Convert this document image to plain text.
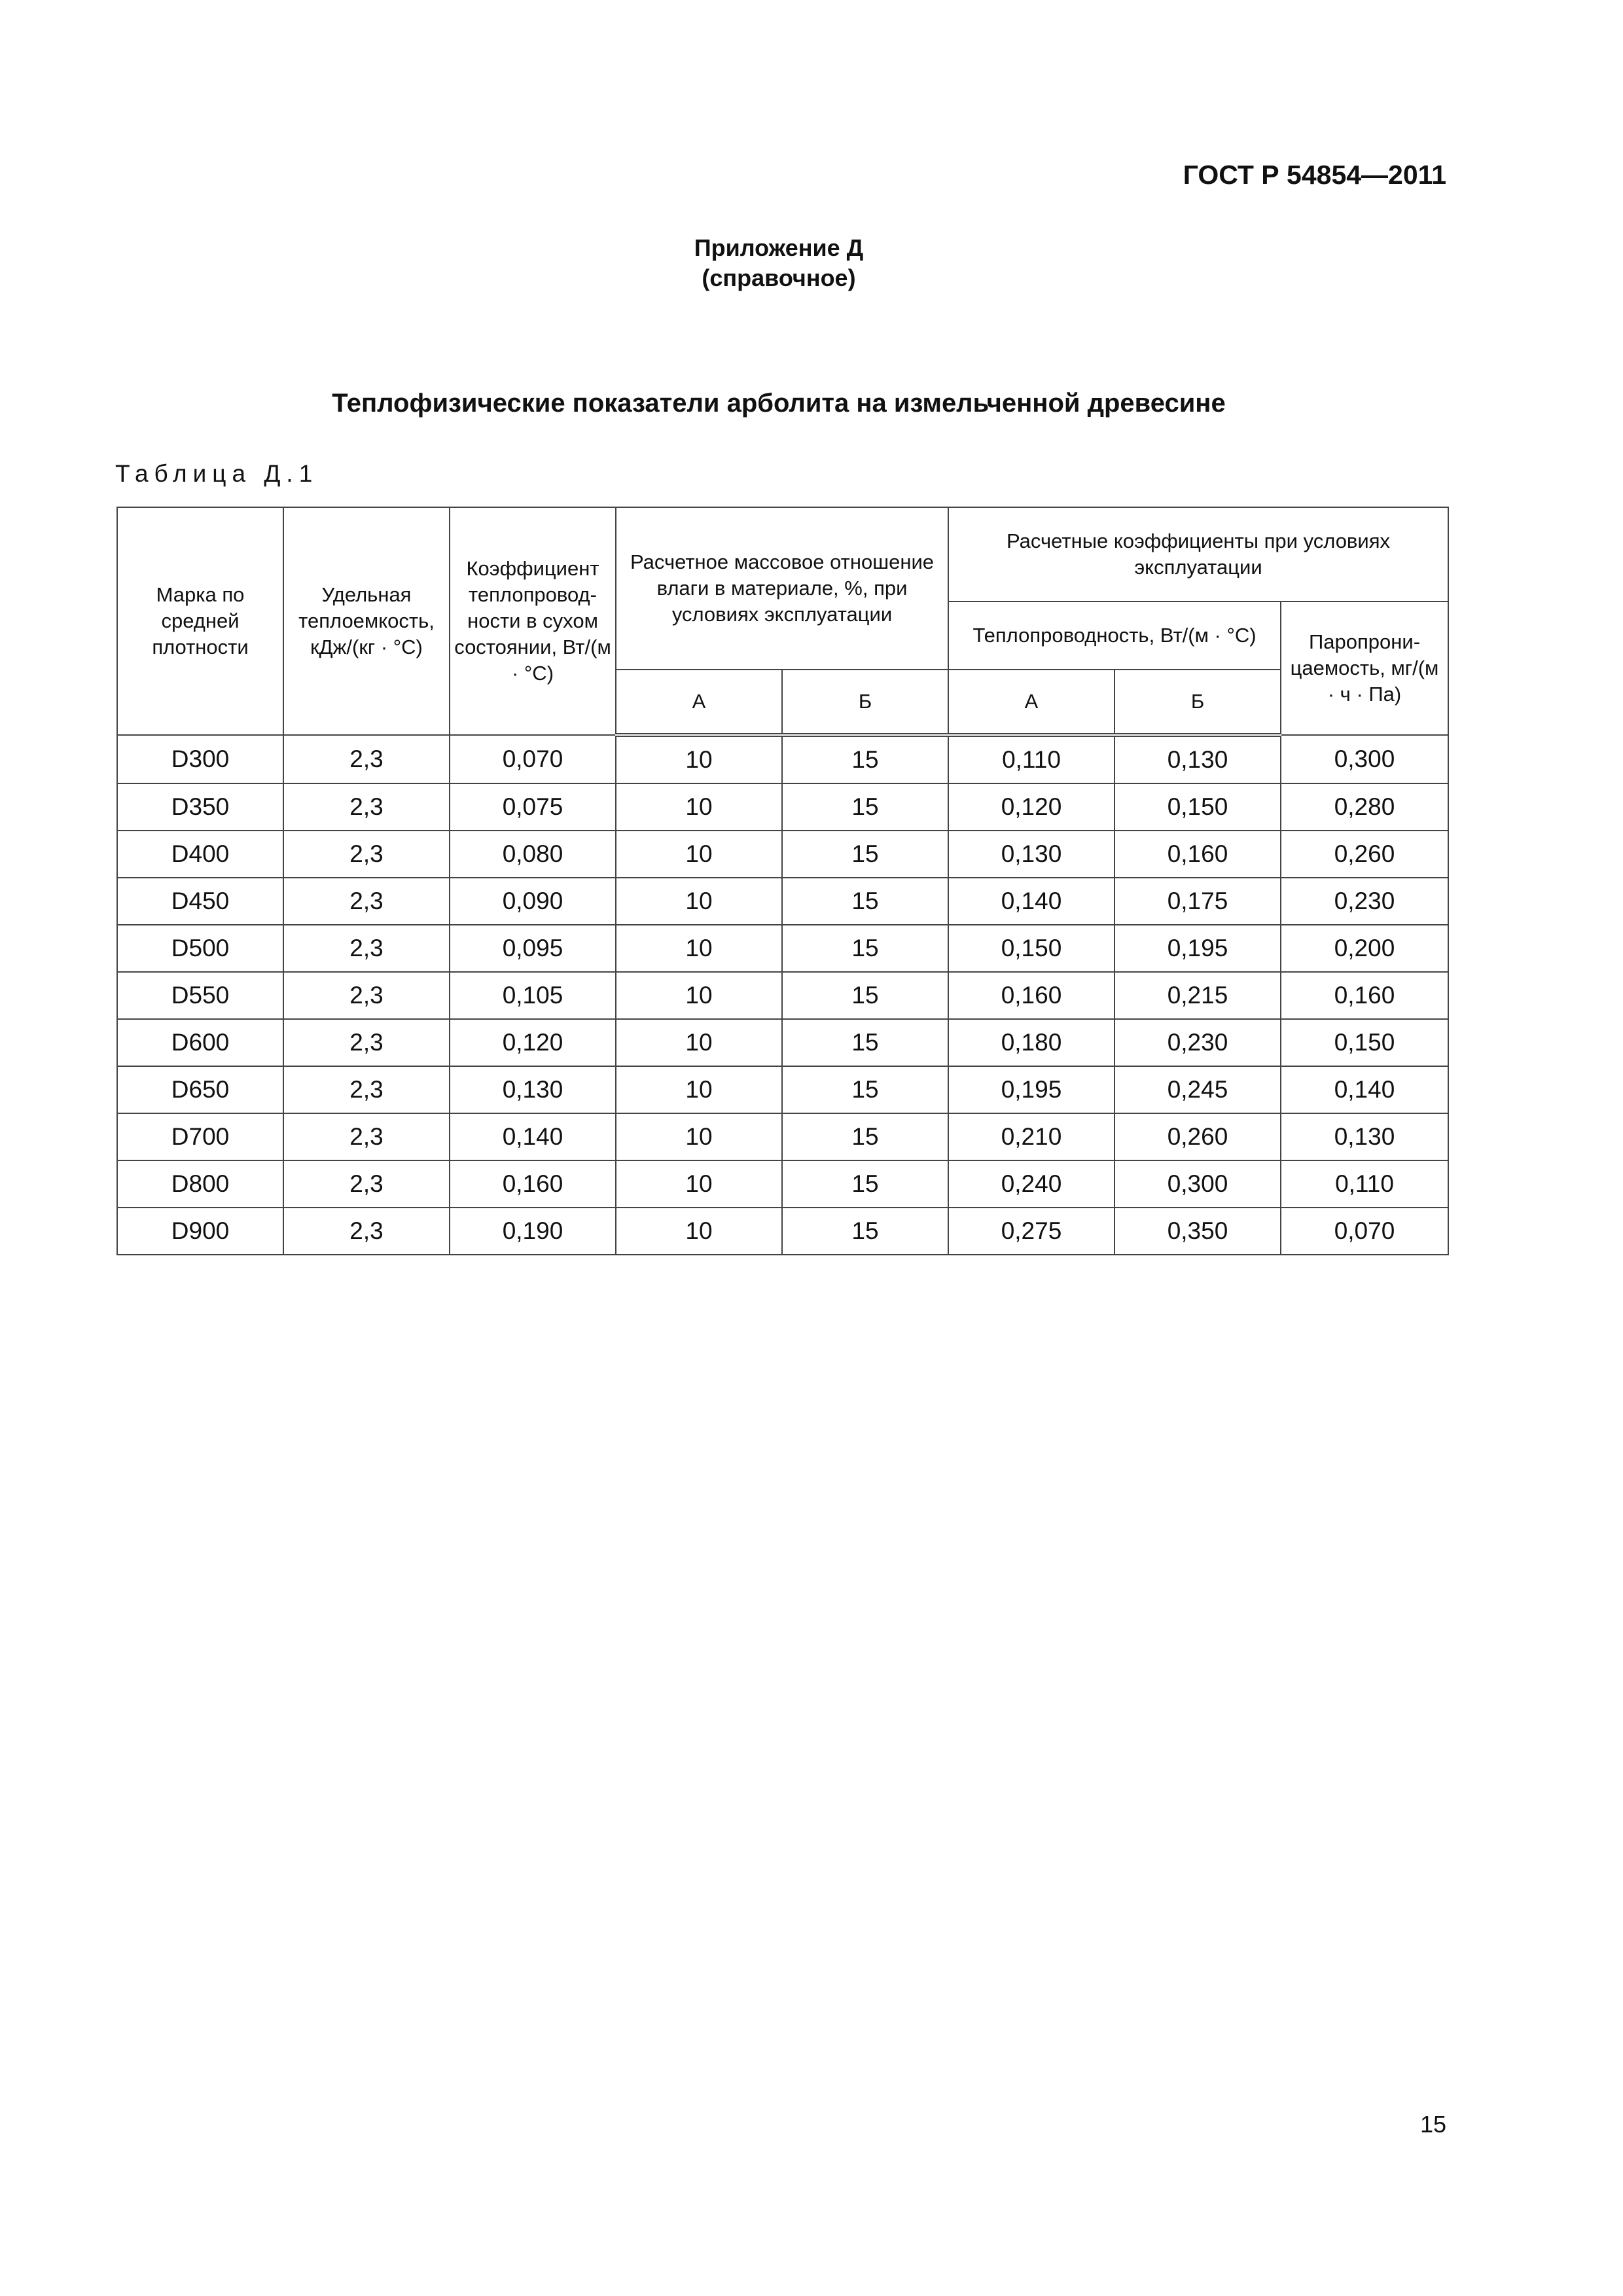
ГОСТ Р 54854—2011
Приложение Д
(справочное)
Теплофизические показатели арболита на измельченной древесине
Таблица Д.1
Марка по средней плотности	Удельная теплоемкость, кДж/(кг · °С)	Коэффициент теплопровод-ности в сухом состоянии, Вт/(м · °С)	Расчетное массовое отношение влаги в материале, %, при условиях эксплуатации		Расчетные коэффициенты при условиях эксплуатации		
					Теплопроводность, Вт/(м · °С)		Паропрони-цаемость, мг/(м · ч · Па)
			А	Б	А	Б	
D300	2,3	0,070	10	15	0,110	0,130	0,300
D350	2,3	0,075	10	15	0,120	0,150	0,280
D400	2,3	0,080	10	15	0,130	0,160	0,260
D450	2,3	0,090	10	15	0,140	0,175	0,230
D500	2,3	0,095	10	15	0,150	0,195	0,200
D550	2,3	0,105	10	15	0,160	0,215	0,160
D600	2,3	0,120	10	15	0,180	0,230	0,150
D650	2,3	0,130	10	15	0,195	0,245	0,140
D700	2,3	0,140	10	15	0,210	0,260	0,130
D800	2,3	0,160	10	15	0,240	0,300	0,110
D900	2,3	0,190	10	15	0,275	0,350	0,070
15
